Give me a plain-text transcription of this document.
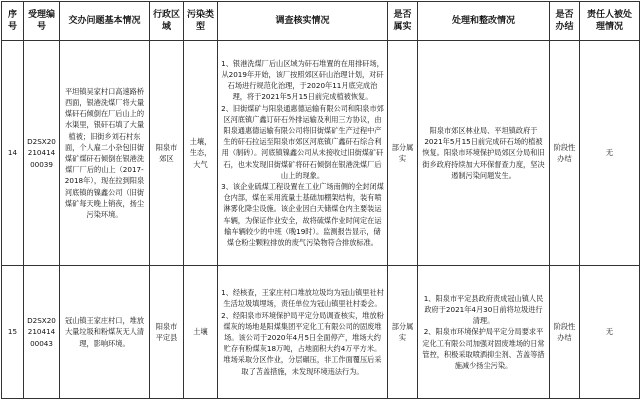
序号	受理编号	交办问题基本情况	行政区域	污染类型	调查核实情况	是否属实	处理和整改情况	是否办结	责任人被处理情况
14	D2SX2021041400039	平坦镇吴家村口高速路桥西面，银港洗煤厂将大量煤矸石倾倒在厂后山上的水渠里，银矸石填了大量植被；旧街乡刘石村东面，个人雇二小杂包旧街煤矿煤矸石倾倒在银港洗煤厂厂后的山上（2017-2018年），现在拉到阳泉河底镇的镍鑫公司（旧街煤矿每天晚上销夜，扬尘污染环境。	阳泉市郊区	土壤，生态，大气	1、银港洗煤厂后山区域为矸石堆置的在用排矸场，从2019年开始，该厂按照郊区矸山治理计划，对矸石场进行规范化治理，于2020年11月底完成治理，将于2021年5月15日前完成植被恢复。
2、旧街煤矿与阳泉通惠德运输有限公司和阳泉市郊区河底镇广鑫订矸石外排运输及利用三方协议，由阳泉通惠德运输有限公司将旧街煤矿生产过程中产生的矸石拉运至阳泉市郊区河底镇广鑫矸石综合利用（制砖）。河底镇镍鑫公司从未接收过旧街煤矿矸石，也未发现旧街煤矿将矸石倾倒在银港洗煤厂后山上的现象。
3、该企业硫煤工程设置在工业广场南侧的全封闭煤仓内部，煤在采用流量土基础加棚架结构，装有喷淋雾化降尘设施。该企业因白天储煤仓内主要装运车辆，为保证作业安全，故将硫煤作业时间定在运输车辆较少的中班（晚19时）。监测报告显示，储煤仓粉尘颗粒排放的废气污染物符合排放标准。	部分属实	阳泉市郊区林业局、平坦镇政府于2021年5月15日前完成矸石场的植被恢复。阳泉市环境保护局郊区分局和旧街乡政府持续加大环保督查力度，坚决遏制污染问题发生。	阶段性办结	无
15	D2SX2021041400043	冠山镇王家庄村口，堆放大量垃圾和粉煤灰无人清理，影响环境。	阳泉市平定县	土壤	1、经核查，王家庄村口堆放垃圾均为冠山镇里社村生活垃圾填埋场，责任单位为冠山镇里社村委会。
2、经阳泉市环境保护局平定分局调查核实，堆放粉煤灰的场地是阳煤集团平定化工有限公司的固废堆场。该公司于2020年4月5日全面停产，堆场大约贮存有粉煤灰18万吨，占地面积大约4万平方米。堆场采取分区作业，分层碾压，非工作面覆压后采取了苫盖措施，未发现环境违法行为。	部分属实	1、阳泉市平定县政府责成冠山镇人民政府于2021年4月30日前将垃圾进行清理。
2、阳泉市环境保护局平定分局要求平定化工有限公司加强对固废堆场的日常管控，积极采取喷洒抑尘剂、苫盖等措施减少扬尘污染。	阶段性办结	无
